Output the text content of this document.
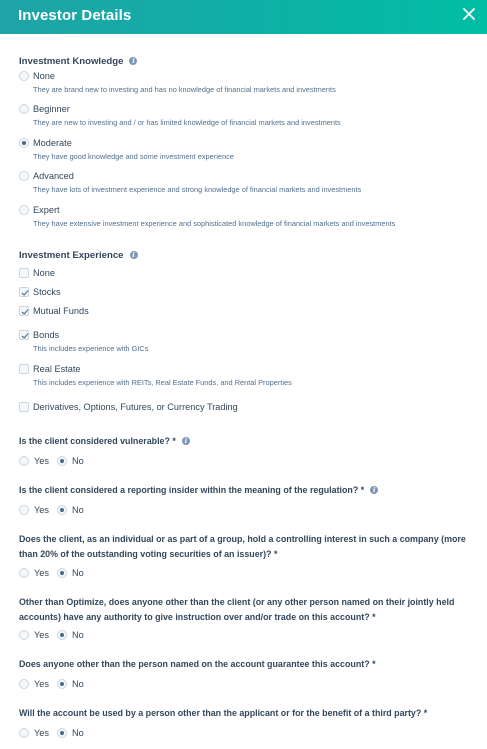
Investor Details
Investment Knowledge i
None
They are brand new to investing and has no knowledge of financial markets and investments
Beginner
They are new to investing and / or has limited knowledge of financial markets and investments
Moderate
They have good knowledge and some investment experience
Advanced
They have lots of investment experience and strong knowledge of financial markets and investments
Expert
They have extensive investment experience and sophisticated knowledge of financial markets and investments
Investment Experience i
None
Stocks
Mutual Funds
Bonds
This includes experience with GICs
Real Estate
This includes experience with REITs, Real Estate Funds, and Rental Properties
Derivatives, Options, Futures, or Currency Trading
Is the client considered vulnerable? * i
Yes	No
Is the client considered a reporting insider within the meaning of the regulation? * i
Yes	No
Does the client, as an individual or as part of a group, hold a controlling interest in such a company (more than 20% of the outstanding voting securities of an issuer)? *
Yes	No
Other than Optimize, does anyone other than the client (or any other person named on their jointly held accounts) have any authority to give instruction over and/or trade on this account? *
Yes	No
Does anyone other than the person named on the account guarantee this account? *
Yes	No
Will the account be used by a person other than the applicant or for the benefit of a third party? *
Yes	No
